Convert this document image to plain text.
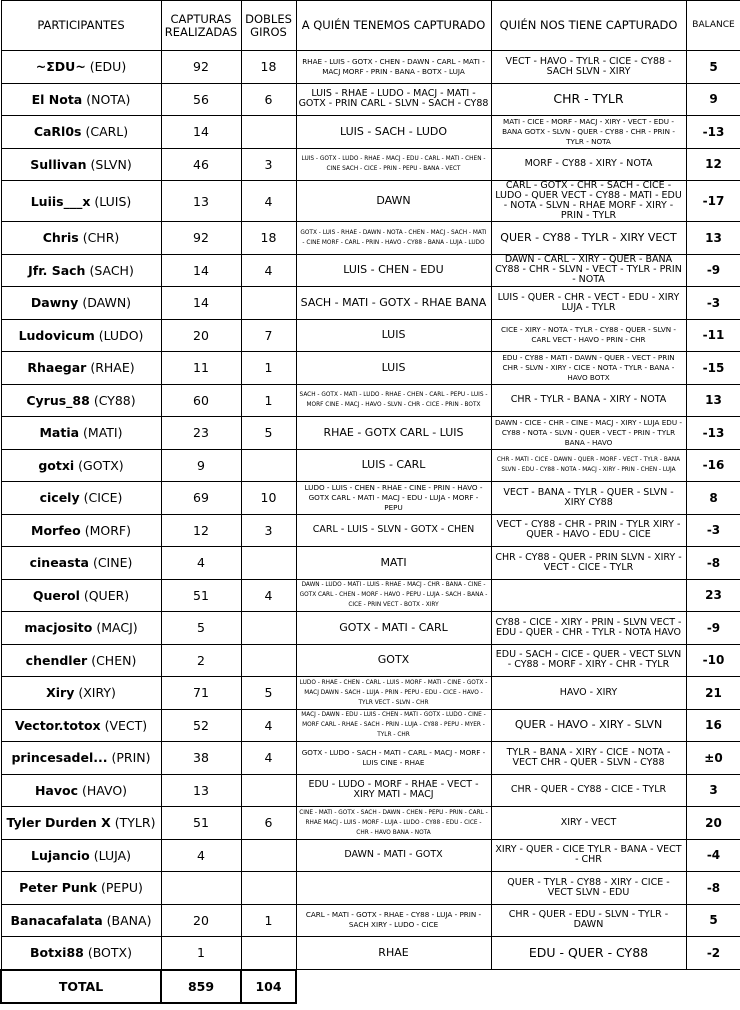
PARTICIPANTES	CAPTURAS REALIZADAS	DOBLES GIROS	A QUIÉN TENEMOS CAPTURADO	QUIÉN NOS TIENE CAPTURADO	BALANCE
~ΣDU~ (EDU)	92	18	RHAE - LUIS - GOTX - CHEN - DAWN - CARL - MATI - MACJ MORF - PRIN - BANA - BOTX - LUJA	VECT - HAVO - TYLR - CICE - CY88 - SACH SLVN - XIRY	5
El Nota (NOTA)	56	6	LUIS - RHAE - LUDO - MACJ - MATI - GOTX - PRIN CARL - SLVN - SACH - CY88	CHR - TYLR	9
CaRl0s (CARL)	14		LUIS - SACH - LUDO	MATI - CICE - MORF - MACJ - XIRY - VECT - EDU - BANA GOTX - SLVN - QUER - CY88 - CHR - PRIN - TYLR - NOTA	-13
Sullivan (SLVN)	46	3	LUIS - GOTX - LUDO - RHAE - MACJ - EDU - CARL - MATI - CHEN - CINE SACH - CICE - PRIN - PEPU - BANA - VECT	MORF - CY88 - XIRY - NOTA	12
Luiis___x (LUIS)	13	4	DAWN	CARL - GOTX - CHR - SACH - CICE - LUDO - QUER VECT - CY88 - MATI - EDU - NOTA - SLVN - RHAE MORF - XIRY - PRIN - TYLR	-17
Chris (CHR)	92	18	GOTX - LUIS - RHAE - DAWN - NOTA - CHEN - MACJ - SACH - MATI - CINE MORF - CARL - PRIN - HAVO - CY88 - BANA - LUJA - LUDO	QUER - CY88 - TYLR - XIRY VECT	13
Jfr. Sach (SACH)	14	4	LUIS - CHEN - EDU	DAWN - CARL - XIRY - QUER - BANA CY88 - CHR - SLVN - VECT - TYLR - PRIN - NOTA	-9
Dawny (DAWN)	14		SACH - MATI - GOTX - RHAE BANA	LUIS - QUER - CHR - VECT - EDU - XIRY LUJA - TYLR	-3
Ludovicum (LUDO)	20	7	LUIS	CICE - XIRY - NOTA - TYLR - CY88 - QUER - SLVN - CARL VECT - HAVO - PRIN - CHR	-11
Rhaegar (RHAE)	11	1	LUIS	EDU - CY88 - MATI - DAWN - QUER - VECT - PRIN CHR - SLVN - XIRY - CICE - NOTA - TYLR - BANA - HAVO BOTX	-15
Cyrus_88 (CY88)	60	1	SACH - GOTX - MATI - LUDO - RHAE - CHEN - CARL - PEPU - LUIS - MORF CINE - MACJ - HAVO - SLVN - CHR - CICE - PRIN - BOTX	CHR - TYLR - BANA - XIRY - NOTA	13
Matia (MATI)	23	5	RHAE - GOTX CARL - LUIS	DAWN - CICE - CHR - CINE - MACJ - XIRY - LUJA EDU - CY88 - NOTA - SLVN - QUER - VECT - PRIN - TYLR BANA - HAVO	-13
gotxi (GOTX)	9		LUIS - CARL	CHR - MATI - CICE - DAWN - QUER - MORF - VECT - TYLR - BANA SLVN - EDU - CY88 - NOTA - MACJ - XIRY - PRIN - CHEN - LUJA	-16
cicely (CICE)	69	10	LUDO - LUIS - CHEN - RHAE - CINE - PRIN - HAVO - GOTX CARL - MATI - MACJ - EDU - LUJA - MORF - PEPU	VECT - BANA - TYLR - QUER - SLVN - XIRY CY88	8
Morfeo (MORF)	12	3	CARL - LUIS - SLVN - GOTX - CHEN	VECT - CY88 - CHR - PRIN - TYLR XIRY - QUER - HAVO - EDU - CICE	-3
cineasta (CINE)	4		MATI	CHR - CY88 - QUER - PRIN SLVN - XIRY - VECT - CICE - TYLR	-8
Querol (QUER)	51	4	DAWN - LUDO - MATI - LUIS - RHAE - MACJ - CHR - BANA - CINE - GOTX CARL - CHEN - MORF - HAVO - PEPU - LUJA - SACH - BANA - CICE - PRIN VECT - BOTX - XIRY		23
macjosito (MACJ)	5		GOTX - MATI - CARL	CY88 - CICE - XIRY - PRIN - SLVN VECT - EDU - QUER - CHR - TYLR - NOTA HAVO	-9
chendler (CHEN)	2		GOTX	EDU - SACH - CICE - QUER - VECT SLVN - CY88 - MORF - XIRY - CHR - TYLR	-10
Xiry (XIRY)	71	5	LUDO - RHAE - CHEN - CARL - LUIS - MORF - MATI - CINE - GOTX - MACJ DAWN - SACH - LUJA - PRIN - PEPU - EDU - CICE - HAVO - TYLR VECT - SLVN - CHR	HAVO - XIRY	21
Vector.totox (VECT)	52	4	MACJ - DAWN - EDU - LUIS - CHEN - MATI - GOTX - LUDO - CINE - MORF CARL - RHAE - SACH - PRIN - LUJA - CY88 - PEPU - MYER - TYLR - CHR	QUER - HAVO - XIRY - SLVN	16
princesadel... (PRIN)	38	4	GOTX - LUDO - SACH - MATI - CARL - MACJ - MORF - LUIS CINE - RHAE	TYLR - BANA - XIRY - CICE - NOTA - VECT CHR - QUER - SLVN - CY88	±0
Havoc (HAVO)	13		EDU - LUDO - MORF - RHAE - VECT - XIRY MATI - MACJ	CHR - QUER - CY88 - CICE - TYLR	3
Tyler Durden X (TYLR)	51	6	CINE - MATI - GOTX - SACH - DAWN - CHEN - PEPU - PRIN - CARL - RHAE MACJ - LUIS - MORF - LUJA - LUDO - CY88 - EDU - CICE - CHR - HAVO BANA - NOTA	XIRY - VECT	20
Lujancio (LUJA)	4		DAWN - MATI - GOTX	XIRY - QUER - CICE TYLR - BANA - VECT - CHR	-4
Peter Punk (PEPU)				QUER - TYLR - CY88 - XIRY - CICE - VECT SLVN - EDU	-8
Banacafalata (BANA)	20	1	CARL - MATI - GOTX - RHAE - CY88 - LUJA - PRIN - SACH XIRY - LUDO - CICE	CHR - QUER - EDU - SLVN - TYLR - DAWN	5
Botxi88 (BOTX)	1		RHAE	EDU - QUER - CY88	-2
TOTAL	859	104			
